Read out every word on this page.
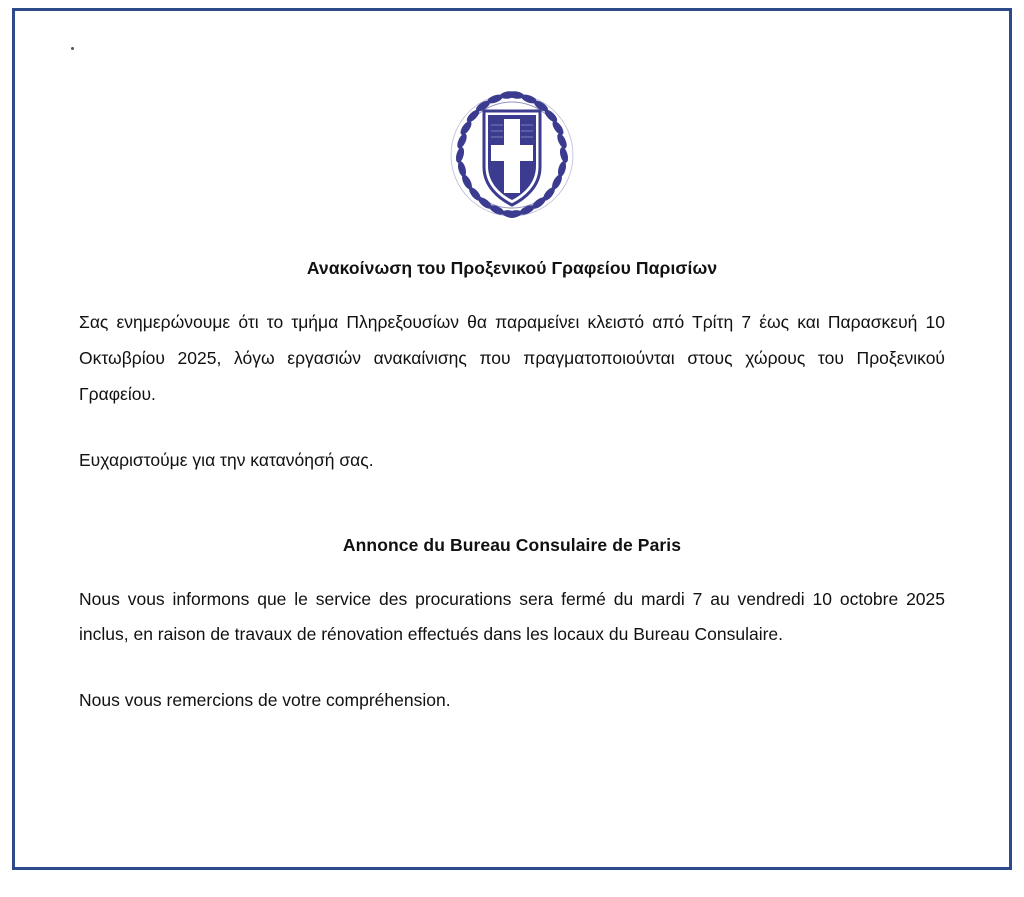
Ανακοίνωση του Προξενικού Γραφείου Παρισίων

Σας ενημερώνουμε ότι το τμήμα Πληρεξουσίων θα παραμείνει κλειστό από Τρίτη 7 έως και Παρασκευή 10 Οκτωβρίου 2025, λόγω εργασιών ανακαίνισης που πραγματοποιούνται στους χώρους του Προξενικού Γραφείου.

Ευχαριστούμε για την κατανόησή σας.

Annonce du Bureau Consulaire de Paris

Nous vous informons que le service des procurations sera fermé du mardi 7 au vendredi 10 octobre 2025 inclus, en raison de travaux de rénovation effectués dans les locaux du Bureau Consulaire.

Nous vous remercions de votre compréhension.
